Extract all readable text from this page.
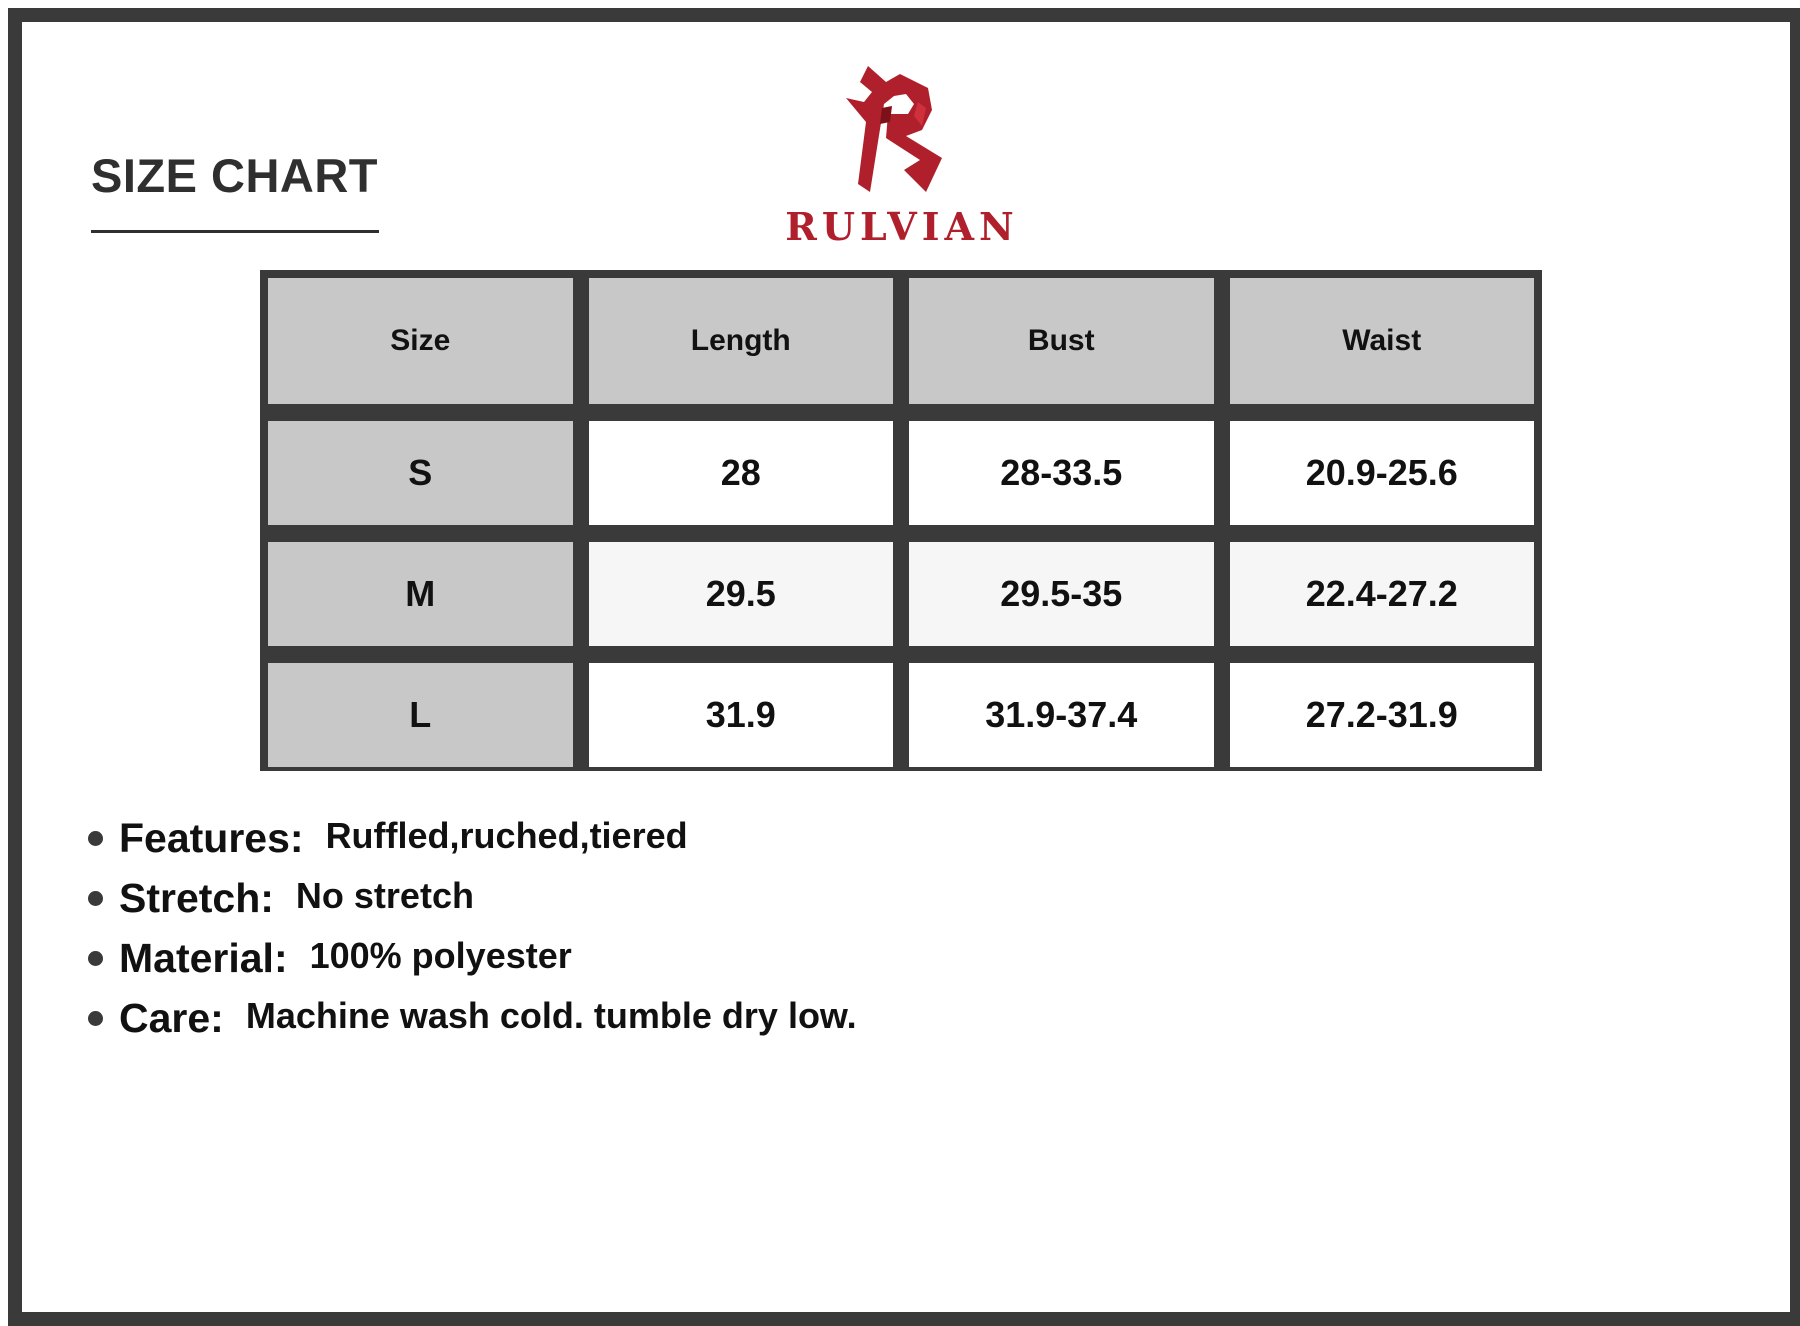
SIZE CHART
RULVIAN
Size	Length	Bust	Waist
S	28	28-33.5	20.9-25.6
M	29.5	29.5-35	22.4-27.2
L	31.9	31.9-37.4	27.2-31.9
Features: Ruffled,ruched,tiered
Stretch: No stretch
Material: 100% polyester
Care: Machine wash cold. tumble dry low.
